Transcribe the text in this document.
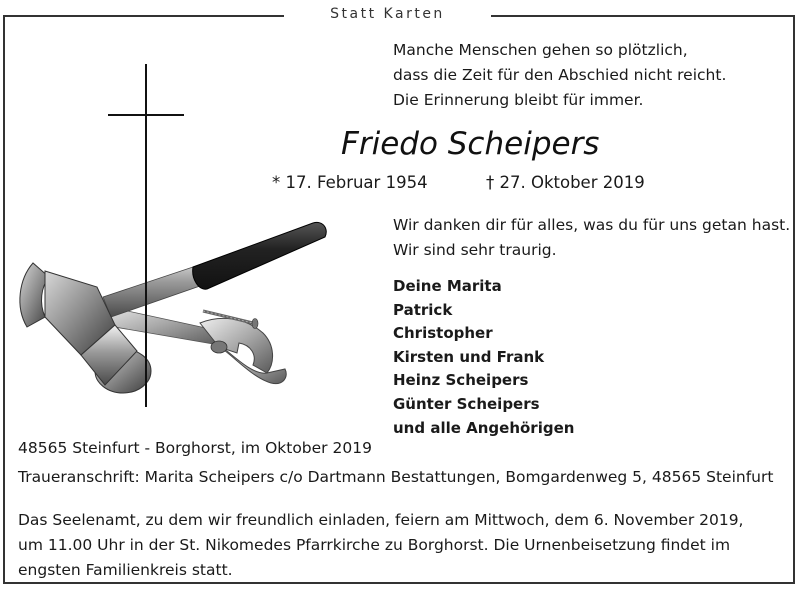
Statt Karten
Manche Menschen gehen so plötzlich,
dass die Zeit für den Abschied nicht reicht.
Die Erinnerung bleibt für immer.
Friedo Scheipers
* 17. Februar 1954	† 27. Oktober 2019
Wir danken dir für alles, was du für uns getan hast.
Wir sind sehr traurig.
Deine Marita
Patrick
Christopher
Kirsten und Frank
Heinz Scheipers
Günter Scheipers
und alle Angehörigen
48565 Steinfurt - Borghorst, im Oktober 2019
Traueranschrift: Marita Scheipers c/o Dartmann Bestattungen, Bomgardenweg 5, 48565 Steinfurt
Das Seelenamt, zu dem wir freundlich einladen, feiern am Mittwoch, dem 6. November 2019,
um 11.00 Uhr in der St. Nikomedes Pfarrkirche zu Borghorst. Die Urnenbeisetzung findet im
engsten Familienkreis statt.
